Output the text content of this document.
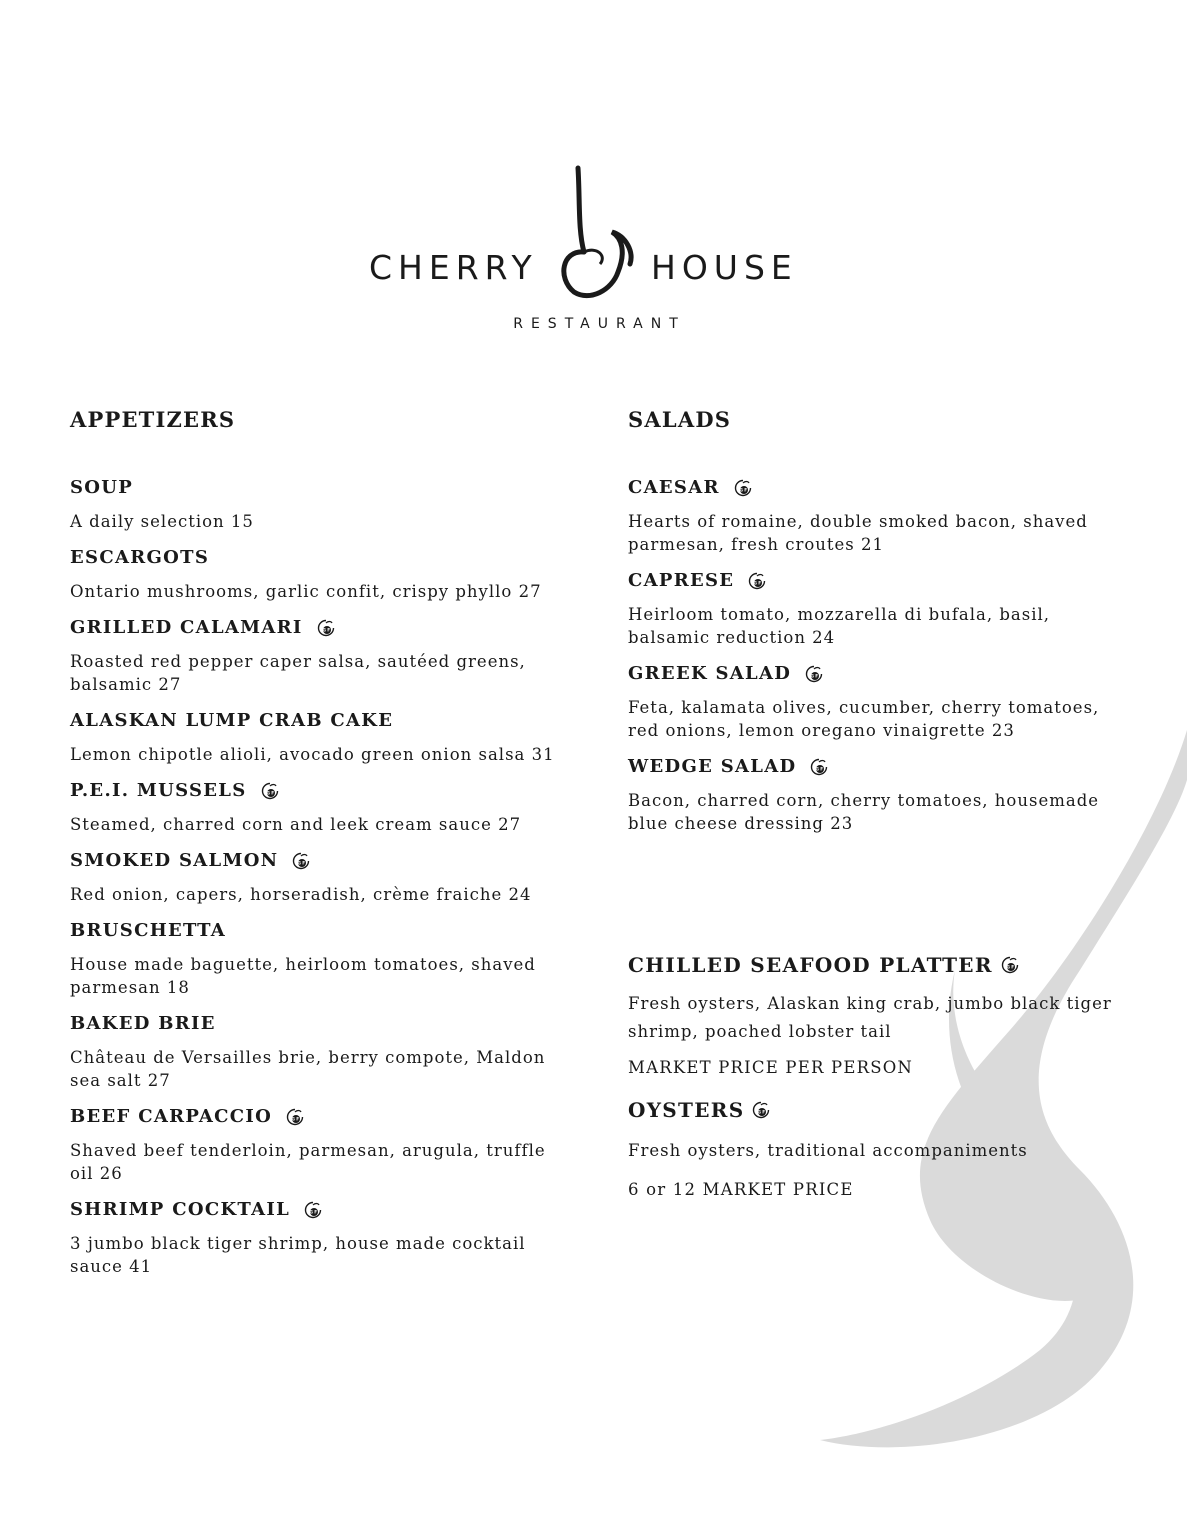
CHERRY	HOUSE
RESTAURANT
APPETIZERS
SOUP
A daily selection 15
ESCARGOTS
Ontario mushrooms, garlic confit, crispy phyllo 27
GRILLED CALAMARI	GF
Roasted red pepper caper salsa, sautéed greens, balsamic 27
ALASKAN LUMP CRAB CAKE
Lemon chipotle alioli, avocado green onion salsa 31
P.E.I. MUSSELS	GF
Steamed, charred corn and leek cream sauce 27
SMOKED SALMON	GF
Red onion, capers, horseradish, crème fraiche 24
BRUSCHETTA
House made baguette, heirloom tomatoes, shaved parmesan 18
BAKED BRIE
Château de Versailles brie, berry compote, Maldon sea salt 27
BEEF CARPACCIO	GF
Shaved beef tenderloin, parmesan, arugula, truffle oil 26
SHRIMP COCKTAIL	GF
3 jumbo black tiger shrimp, house made cocktail sauce 41
SALADS
CAESAR	GF
Hearts of romaine, double smoked bacon, shaved parmesan, fresh croutes 21
CAPRESE	GF
Heirloom tomato, mozzarella di bufala, basil, balsamic reduction 24
GREEK SALAD	GF
Feta, kalamata olives, cucumber, cherry tomatoes, red onions, lemon oregano vinaigrette 23
WEDGE SALAD	GF
Bacon, charred corn, cherry tomatoes, housemade blue cheese dressing 23
CHILLED SEAFOOD PLATTER	GF
Fresh oysters, Alaskan king crab, jumbo black tiger shrimp, poached lobster tail
MARKET PRICE PER PERSON
OYSTERS	GF
Fresh oysters, traditional accompaniments
6 or 12 MARKET PRICE
